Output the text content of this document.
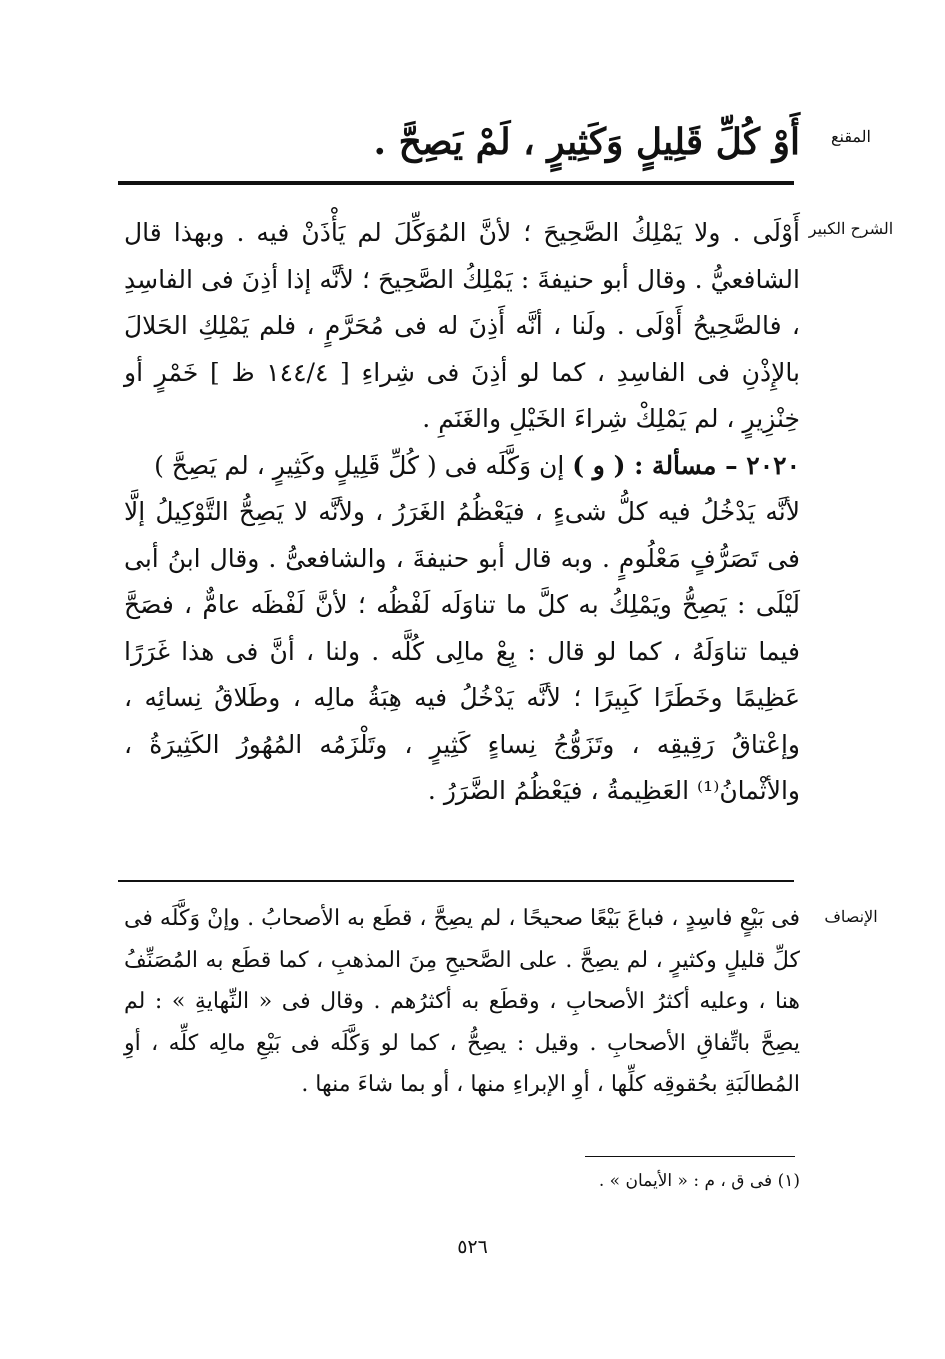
المقنع
أَوْ كُلِّ قَلِيلٍ وَكَثِيرٍ ، لَمْ يَصِحَّ .
الشرح الكبير

أَوْلَى . ولا يَمْلِكُ الصَّحِيحَ ؛ لأنَّ المُوَكِّلَ لم يَأْذَنْ فيه . وبهذا قال الشافعيُّ . وقال أبو حنيفةَ : يَمْلِكُ الصَّحِيحَ ؛ لأنَّه إذا أذِنَ فى الفاسِدِ ، فالصَّحِيحُ أَوْلَى . ولَنا ، أنَّه أَذِنَ له فى مُحَرَّمٍ ، فلم يَمْلِكِ الحَلالَ بالإِذْنِ فى الفاسِدِ ، كما لو أذِنَ فى شِراءِ [ ١٤٤/٤ ظ ] خَمْرٍ أو خِنْزِيرٍ ، لم يَمْلِكْ شِراءَ الخَيْلِ والغَنَمِ .

٢٠٢٠ – مسألة : ( و ) إن وَكَّلَه فى ( كُلِّ قَلِيلٍ وكَثِيرٍ ، لم يَصِحَّ )

لأنَّه يَدْخُلُ فيه كلُّ شىءٍ ، فيَعْظُمُ الغَرَرُ ، ولأنَّه لا يَصِحُّ التَّوْكِيلُ إلَّا فى تَصَرُّفٍ مَعْلُومٍ . وبه قال أبو حنيفةَ ، والشافعىُّ . وقال ابنُ أبى لَيْلَى : يَصِحُّ ويَمْلِكُ به كلَّ ما تناوَلَه لَفْظُه ؛ لأنَّ لَفْظَه عامٌّ ، فصَحَّ فيما تناوَلَهُ ، كما لو قال : بِعْ مالِى كُلَّه . ولنا ، أنَّ فى هذا غَرَرًا عَظِيمًا وخَطَرًا كَبِيرًا ؛ لأنَّه يَدْخُلُ فيه هِبَةُ مالِه ، وطَلاقُ نِسائِه ، وإعْتاقُ رَقِيقِه ، وتَزَوُّجُ نِساءٍ كَثِيرٍ ، وتَلْزَمُه المُهُورُ الكَثِيرَةُ ، والأثْمانُ⁽¹⁾ العَظِيمةُ ، فيَعْظُمُ الضَّرَرُ .

الإنصاف
فى بَيْعٍ فاسِدٍ ، فباعَ بَيْعًا صحيحًا ، لم يصِحَّ ، قطَع به الأصحابُ . وإنْ وَكَّلَه فى كلِّ قليلٍ وكثيرٍ ، لم يصِحَّ . على الصَّحيحِ مِنَ المذهبِ ، كما قطَع به المُصَنِّفُ هنا ، وعليه أكثرُ الأصحابِ ، وقطَع به أكثرُهم . وقال فى « النِّهايةِ » : لم يصِحَّ باتِّفاقِ الأصحابِ . وقيل : يصِحُّ ، كما لو وَكَّلَه فى بَيْعِ مالِه كلِّه ، أوِ المُطالَبَةِ بحُقوقِه كلِّها ، أوِ الإبراءِ منها ، أو بما شاءَ منها .
(١) فى ق ، م : « الأيمان » .
٥٢٦
